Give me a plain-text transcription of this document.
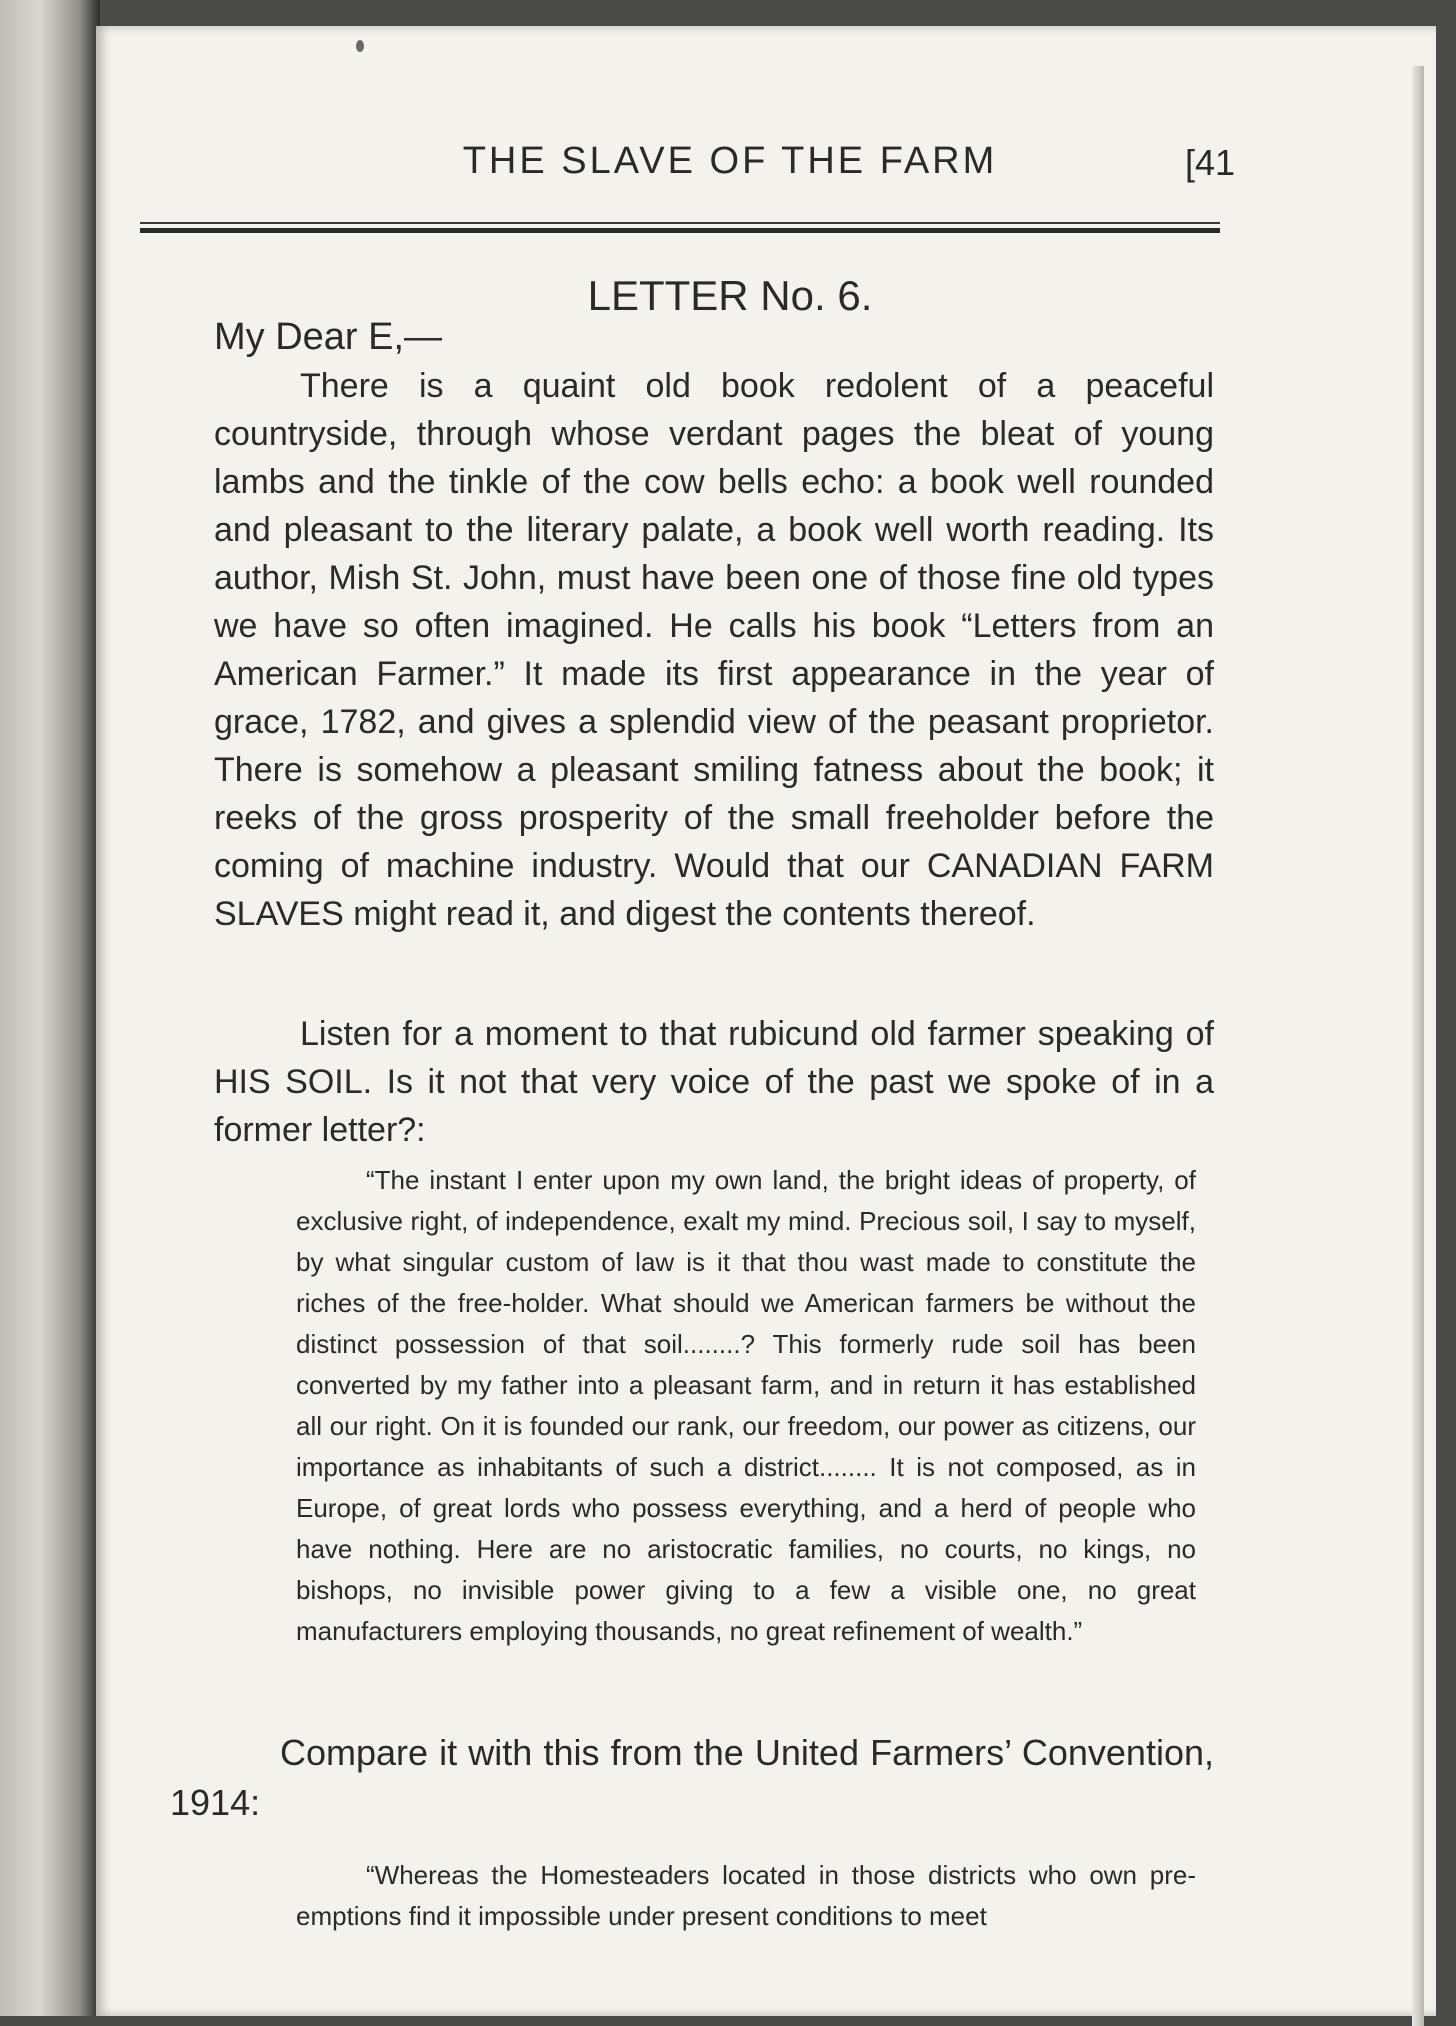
THE SLAVE OF THE FARM	[41
LETTER No. 6.
My Dear E,—

There is a quaint old book redolent of a peaceful countryside, through whose verdant pages the bleat of young lambs and the tinkle of the cow bells echo: a book well rounded and pleasant to the literary palate, a book well worth reading. Its author, Mish St. John, must have been one of those fine old types we have so often imagined. He calls his book “Letters from an American Farmer.” It made its first appearance in the year of grace, 1782, and gives a splendid view of the peasant proprietor. There is somehow a pleasant smiling fatness about the book; it reeks of the gross prosperity of the small freeholder before the coming of machine industry. Would that our CANADIAN FARM SLAVES might read it, and digest the contents thereof.

Listen for a moment to that rubicund old farmer speaking of HIS SOIL. Is it not that very voice of the past we spoke of in a former letter?:

“The instant I enter upon my own land, the bright ideas of property, of exclusive right, of independence, exalt my mind. Precious soil, I say to myself, by what singular custom of law is it that thou wast made to constitute the riches of the free-holder. What should we American farmers be without the distinct possession of that soil........? This formerly rude soil has been converted by my father into a pleasant farm, and in return it has established all our right. On it is founded our rank, our freedom, our power as citizens, our importance as inhabitants of such a district........ It is not composed, as in Europe, of great lords who possess everything, and a herd of people who have nothing. Here are no aristocratic families, no courts, no kings, no bishops, no invisible power giving to a few a visible one, no great manufacturers employing thousands, no great refinement of wealth.”

Compare it with this from the United Farmers’ Convention, 1914:

“Whereas the Homesteaders located in those districts who own pre-emptions find it impossible under present conditions to meet
